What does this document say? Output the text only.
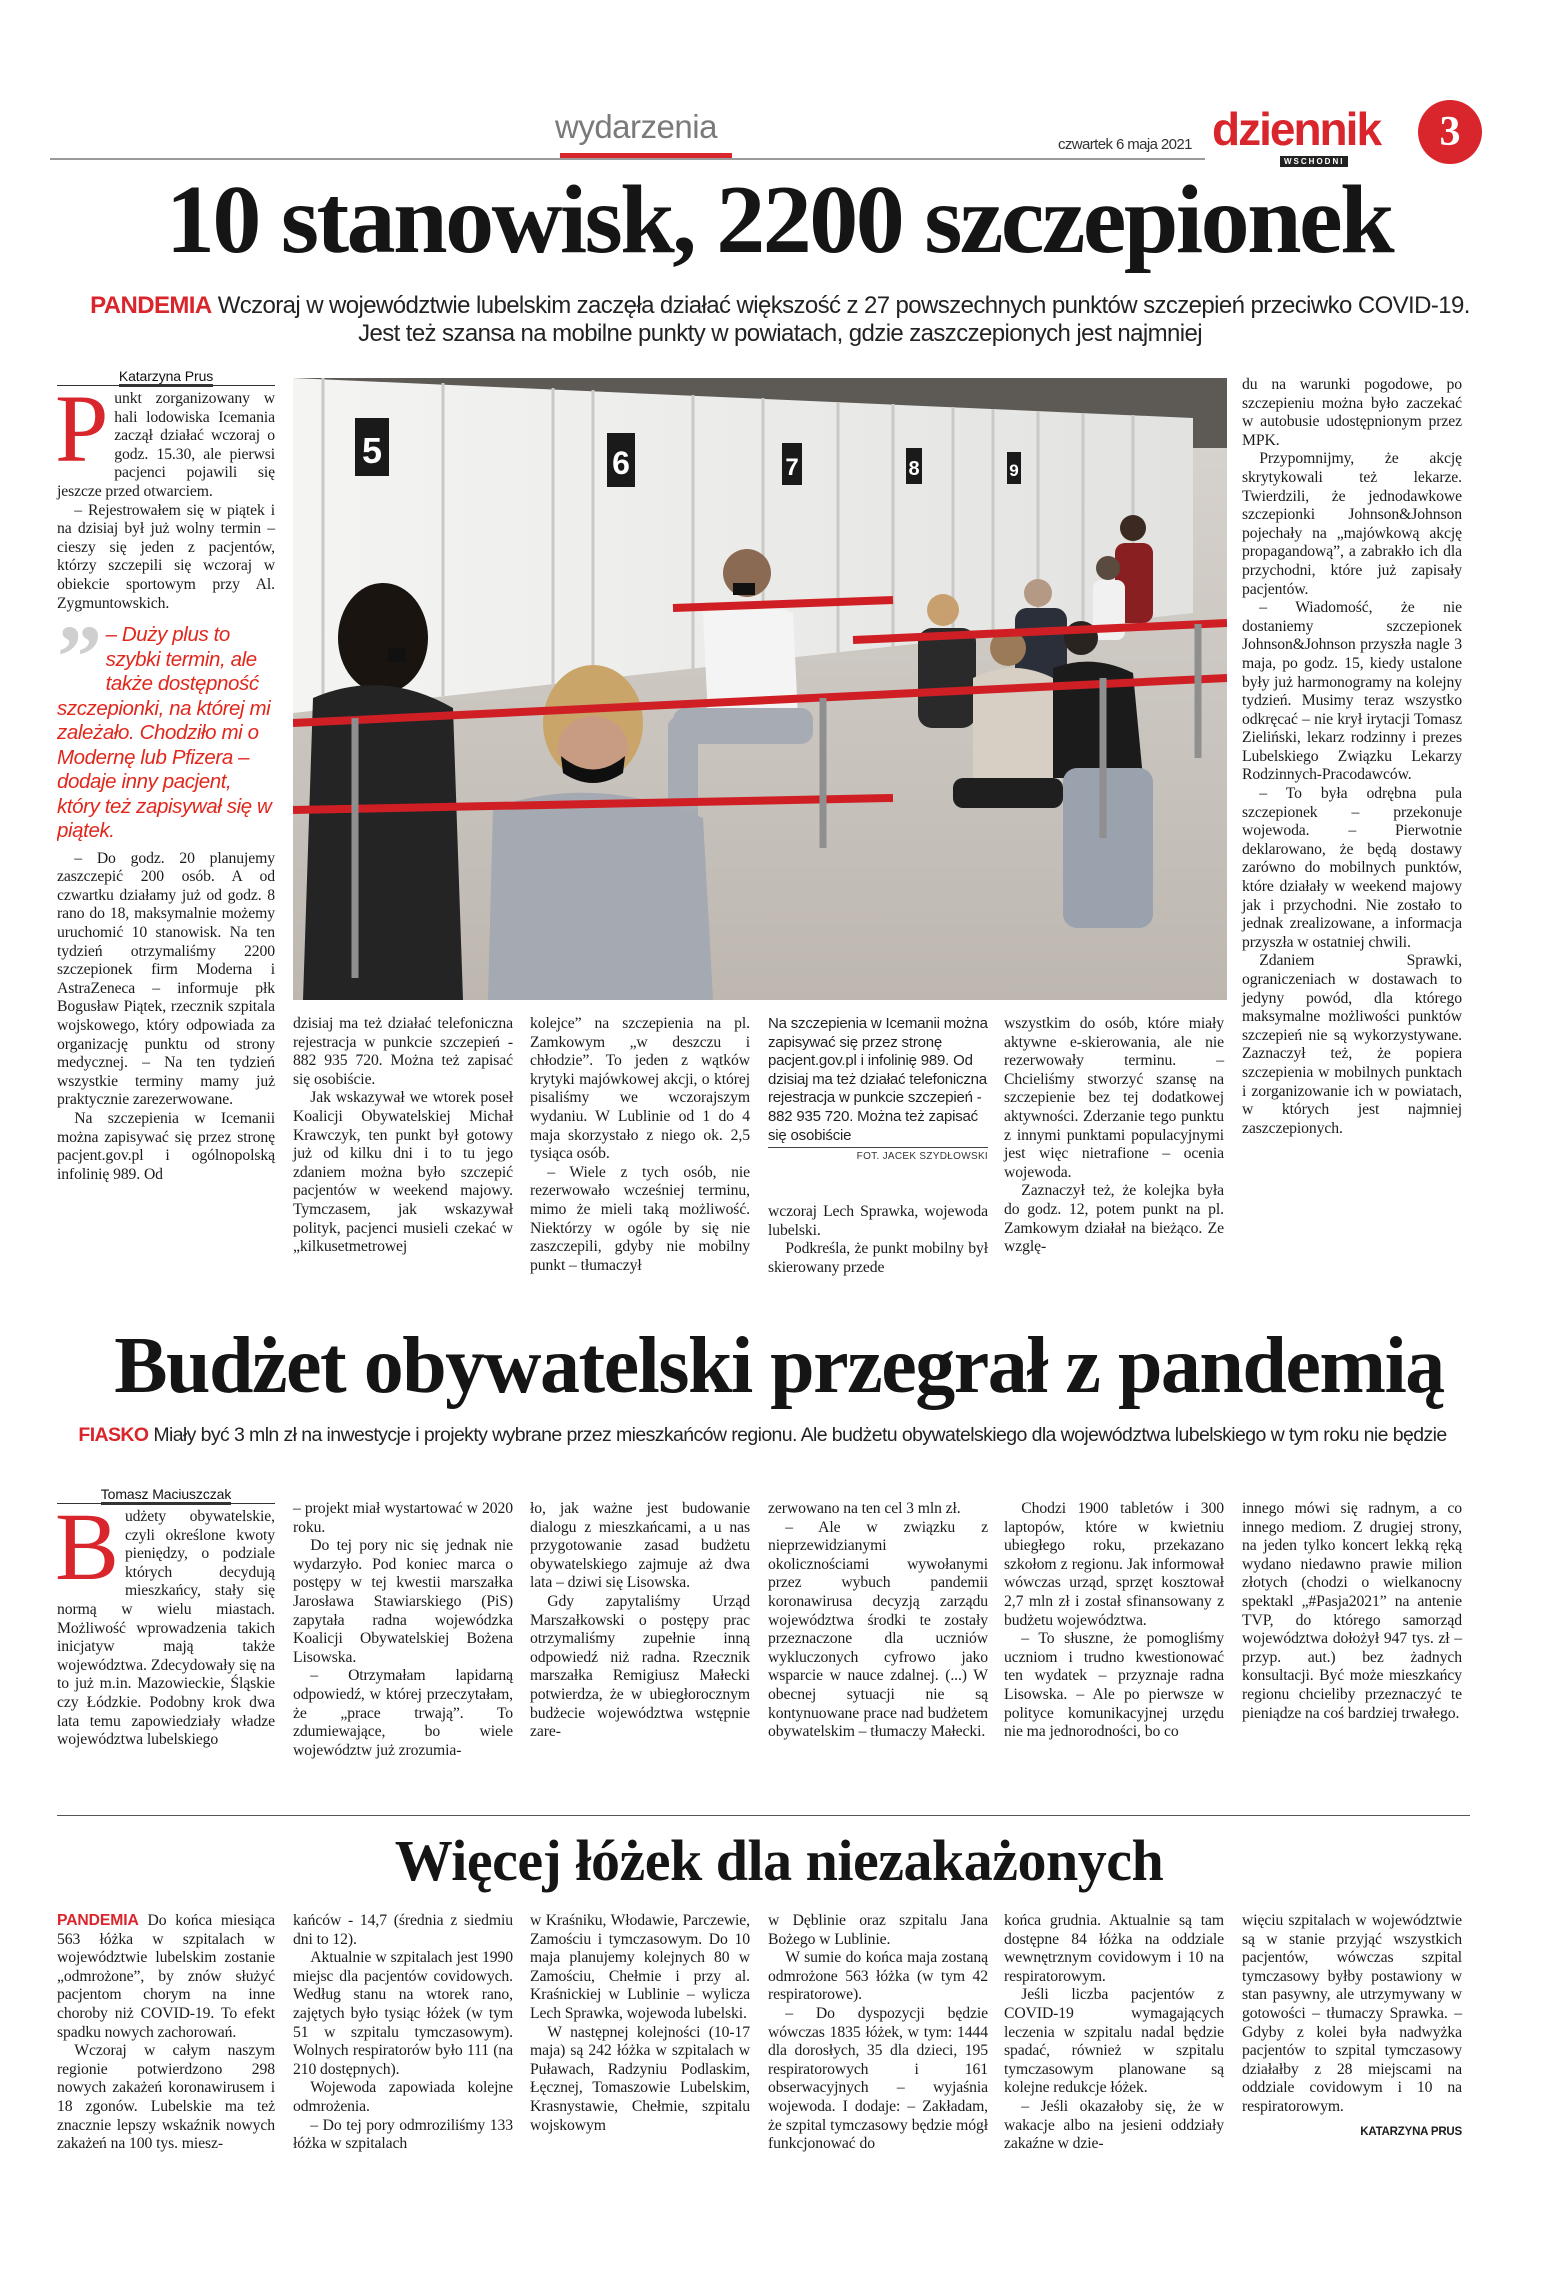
wydarzenia	czwartek 6 maja 2021 dziennik
WSCHODNI
3
10 stanowisk, 2200 szczepionek
PANDEMIA Wczoraj w województwie lubelskim zaczęła działać większość z 27 powszechnych punktów szczepień przeciwko COVID-19. Jest też szansa na mobilne punkty w powiatach, gdzie zaszczepionych jest najmniej
Katarzyna Prus
P unkt zorganizowany w hali lodowiska Icemania zaczął działać wczoraj o godz. 15.30, ale pierwsi pacjenci pojawili się jeszcze przed otwarciem.

– Rejestrowałem się w piątek i na dzisiaj był już wolny termin – cieszy się jeden z pacjentów, którzy szczepili się wczoraj w obiekcie sportowym przy Al. Zygmuntowskich.

” – Duży plus to szybki termin, ale także dostępność szczepionki, na której mi zależało. Chodziło mi o Modernę lub Pfizera – dodaje inny pacjent, który też zapisywał się w piątek.

– Do godz. 20 planujemy zaszczepić 200 osób. A od czwartku działamy już od godz. 8 rano do 18, maksymalnie możemy uruchomić 10 stanowisk. Na ten tydzień otrzymaliśmy 2200 szczepionek firm Moderna i AstraZeneca – informuje płk Bogusław Piątek, rzecznik szpitala wojskowego, który odpowiada za organizację punktu od strony medycznej. – Na ten tydzień wszystkie terminy mamy już praktycznie zarezerwowane.

Na szczepienia w Icemanii można zapisywać się przez stronę pacjent.gov.pl i ogólnopolską infolinię 989. Od

5	6	7	8	9

dzisiaj ma też działać telefoniczna rejestracja w punkcie szczepień - 882 935 720. Można też zapisać się osobiście.

Jak wskazywał we wtorek poseł Koalicji Obywatelskiej Michał Krawczyk, ten punkt był gotowy już od kilku dni i to tu jego zdaniem można było szczepić pacjentów w weekend majowy. Tymczasem, jak wskazywał polityk, pacjenci musieli czekać w „kilkusetmetrowej

kolejce” na szczepienia na pl. Zamkowym „w deszczu i chłodzie”. To jeden z wątków krytyki majówkowej akcji, o której pisaliśmy we wczorajszym wydaniu. W Lublinie od 1 do 4 maja skorzystało z niego ok. 2,5 tysiąca osób.

– Wiele z tych osób, nie rezerwowało wcześniej terminu, mimo że mieli taką możliwość. Niektórzy w ogóle by się nie zaszczepili, gdyby nie mobilny punkt – tłumaczył

Na szczepienia w Icemanii można zapisywać się przez stronę pacjent.gov.pl i infolinię 989. Od dzisiaj ma też działać telefoniczna rejestracja w punkcie szczepień - 882 935 720. Można też zapisać się osobiście
FOT. JACEK SZYDŁOWSKI

wczoraj Lech Sprawka, wojewoda lubelski.

Podkreśla, że punkt mobilny był skierowany przede

wszystkim do osób, które miały aktywne e-skierowania, ale nie rezerwowały terminu. – Chcieliśmy stworzyć szansę na szczepienie bez tej dodatkowej aktywności. Zderzanie tego punktu z innymi punktami populacyjnymi jest więc nietrafione – ocenia wojewoda.

Zaznaczył też, że kolejka była do godz. 12, potem punkt na pl. Zamkowym działał na bieżąco. Ze wzglę-

du na warunki pogodowe, po szczepieniu można było zaczekać w autobusie udostępnionym przez MPK.

Przypomnijmy, że akcję skrytykowali też lekarze. Twierdzili, że jednodawkowe szczepionki Johnson&Johnson pojechały na „majówkową akcję propagandową”, a zabrakło ich dla przychodni, które już zapisały pacjentów.

– Wiadomość, że nie dostaniemy szczepionek Johnson&Johnson przyszła nagle 3 maja, po godz. 15, kiedy ustalone były już harmonogramy na kolejny tydzień. Musimy teraz wszystko odkręcać – nie krył irytacji Tomasz Zieliński, lekarz rodzinny i prezes Lubelskiego Związku Lekarzy Rodzinnych-Pracodawców.

– To była odrębna pula szczepionek – przekonuje wojewoda. – Pierwotnie deklarowano, że będą dostawy zarówno do mobilnych punktów, które działały w weekend majowy jak i przychodni. Nie zostało to jednak zrealizowane, a informacja przyszła w ostatniej chwili.

Zdaniem Sprawki, ograniczeniach w dostawach to jedyny powód, dla którego maksymalne możliwości punktów szczepień nie są wykorzystywane. Zaznaczył też, że popiera szczepienia w mobilnych punktach i zorganizowanie ich w powiatach, w których jest najmniej zaszczepionych.

Budżet obywatelski przegrał z pandemią
FIASKO Miały być 3 mln zł na inwestycje i projekty wybrane przez mieszkańców regionu. Ale budżetu obywatelskiego dla województwa lubelskiego w tym roku nie będzie
Tomasz Maciuszczak
B udżety obywatelskie, czyli określone kwoty pieniędzy, o podziale których decydują mieszkańcy, stały się normą w wielu miastach. Możliwość wprowadzenia takich inicjatyw mają także województwa. Zdecydowały się na to już m.in. Mazowieckie, Śląskie czy Łódzkie. Podobny krok dwa lata temu zapowiedziały władze województwa lubelskiego

– projekt miał wystartować w 2020 roku.

Do tej pory nic się jednak nie wydarzyło. Pod koniec marca o postępy w tej kwestii marszałka Jarosława Stawiarskiego (PiS) zapytała radna wojewódzka Koalicji Obywatelskiej Bożena Lisowska.

– Otrzymałam lapidarną odpowiedź, w której przeczytałam, że „prace trwają”. To zdumiewające, bo wiele województw już zrozumia-

ło, jak ważne jest budowanie dialogu z mieszkańcami, a u nas przygotowanie zasad budżetu obywatelskiego zajmuje aż dwa lata – dziwi się Lisowska.

Gdy zapytaliśmy Urząd Marszałkowski o postępy prac otrzymaliśmy zupełnie inną odpowiedź niż radna. Rzecznik marszałka Remigiusz Małecki potwierdza, że w ubiegłorocznym budżecie województwa wstępnie zare-

zerwowano na ten cel 3 mln zł.

– Ale w związku z nieprzewidzianymi okolicznościami wywołanymi przez wybuch pandemii koronawirusa decyzją zarządu województwa środki te zostały przeznaczone dla uczniów wykluczonych cyfrowo jako wsparcie w nauce zdalnej. (...) W obecnej sytuacji nie są kontynuowane prace nad budżetem obywatelskim – tłumaczy Małecki.

Chodzi 1900 tabletów i 300 laptopów, które w kwietniu ubiegłego roku, przekazano szkołom z regionu. Jak informował wówczas urząd, sprzęt kosztował 2,7 mln zł i został sfinansowany z budżetu województwa.

– To słuszne, że pomogliśmy uczniom i trudno kwestionować ten wydatek – przyznaje radna Lisowska. – Ale po pierwsze w polityce komunikacyjnej urzędu nie ma jednorodności, bo co

innego mówi się radnym, a co innego mediom. Z drugiej strony, na jeden tylko koncert lekką ręką wydano niedawno prawie milion złotych (chodzi o wielkanocny spektakl „#Pasja2021” na antenie TVP, do którego samorząd województwa dołożył 947 tys. zł – przyp. aut.) bez żadnych konsultacji. Być może mieszkańcy regionu chcieliby przeznaczyć te pieniądze na coś bardziej trwałego.

Więcej łóżek dla niezakażonych

PANDEMIA Do końca miesiąca 563 łóżka w szpitalach w województwie lubelskim zostanie „odmrożone”, by znów służyć pacjentom chorym na inne choroby niż COVID-19. To efekt spadku nowych zachorowań.

Wczoraj w całym naszym regionie potwierdzono 298 nowych zakażeń koronawirusem i 18 zgonów. Lubelskie ma też znacznie lepszy wskaźnik nowych zakażeń na 100 tys. miesz-

kańców - 14,7 (średnia z siedmiu dni to 12).

Aktualnie w szpitalach jest 1990 miejsc dla pacjentów covidowych. Według stanu na wtorek rano, zajętych było tysiąc łóżek (w tym 51 w szpitalu tymczasowym). Wolnych respiratorów było 111 (na 210 dostępnych).

Wojewoda zapowiada kolejne odmrożenia.

– Do tej pory odmroziliśmy 133 łóżka w szpitalach

w Kraśniku, Włodawie, Parczewie, Zamościu i tymczasowym. Do 10 maja planujemy kolejnych 80 w Zamościu, Chełmie i przy al. Kraśnickiej w Lublinie – wylicza Lech Sprawka, wojewoda lubelski.

W następnej kolejności (10-17 maja) są 242 łóżka w szpitalach w Puławach, Radzyniu Podlaskim, Łęcznej, Tomaszowie Lubelskim, Krasnystawie, Chełmie, szpitalu wojskowym

w Dęblinie oraz szpitalu Jana Bożego w Lublinie.

W sumie do końca maja zostaną odmrożone 563 łóżka (w tym 42 respiratorowe).

– Do dyspozycji będzie wówczas 1835 łóżek, w tym: 1444 dla dorosłych, 35 dla dzieci, 195 respiratorowych i 161 obserwacyjnych – wyjaśnia wojewoda. I dodaje: – Zakładam, że szpital tymczasowy będzie mógł funkcjonować do

końca grudnia. Aktualnie są tam dostępne 84 łóżka na oddziale wewnętrznym covidowym i 10 na respiratorowym.

Jeśli liczba pacjentów z COVID-19 wymagających leczenia w szpitalu nadal będzie spadać, również w szpitalu tymczasowym planowane są kolejne redukcje łóżek.

– Jeśli okazałoby się, że w wakacje albo na jesieni oddziały zakaźne w dzie-

więciu szpitalach w województwie są w stanie przyjąć wszystkich pacjentów, wówczas szpital tymczasowy byłby postawiony w stan pasywny, ale utrzymywany w gotowości – tłumaczy Sprawka. – Gdyby z kolei była nadwyżka pacjentów to szpital tymczasowy działałby z 28 miejscami na oddziale covidowym i 10 na respiratorowym.

KATARZYNA PRUS
